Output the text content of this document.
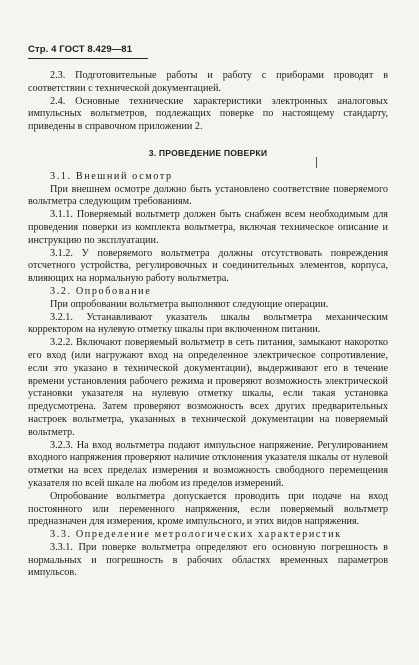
Стр. 4 ГОСТ 8.429—81

2.3. Подготовительные работы и работу с приборами проводят в соответствии с технической документацией.

2.4. Основные технические характеристики электронных аналоговых импульсных вольтметров, подлежащих поверке по настоящему стандарту, приведены в справочном приложении 2.

3. ПРОВЕДЕНИЕ ПОВЕРКИ

3.1. Внешний осмотр

При внешнем осмотре должно быть установлено соответствие поверяемого вольтметра следующим требованиям.

3.1.1. Поверяемый вольтметр должен быть снабжен всем необходимым для проведения поверки из комплекта вольтметра, включая техническое описание и инструкцию по эксплуатации.

3.1.2. У поверяемого вольтметра должны отсутствовать повреждения отсчетного устройства, регулировочных и соединительных элементов, корпуса, влияющих на нормальную работу вольтметра.

3.2. Опробование

При опробовании вольтметра выполняют следующие операции.

3.2.1. Устанавливают указатель шкалы вольтметра механическим корректором на нулевую отметку шкалы при включенном питании.

3.2.2. Включают поверяемый вольтметр в сеть питания, замыкают накоротко его вход (или нагружают вход на определенное электрическое сопротивление, если это указано в технической документации), выдерживают его в течение времени установления рабочего режима и проверяют возможность электрической установки указателя на нулевую отметку шкалы, если такая установка предусмотрена. Затем проверяют возможность всех других предварительных настроек вольтметра, указанных в технической документации на поверяемый вольтметр.

3.2.3. На вход вольтметра подают импульсное напряжение. Регулированием входного напряжения проверяют наличие отклонения указателя шкалы от нулевой отметки на всех пределах измерения и возможность свободного перемещения указателя по всей шкале на любом из пределов измерений.

Опробование вольтметра допускается проводить при подаче на вход постоянного или переменного напряжения, если поверяемый вольтметр предназначен для измерения, кроме импульсного, и этих видов напряжения.

3.3. Определение метрологических характеристик

3.3.1. При поверке вольтметра определяют его основную погрешность в нормальных и погрешность в рабочих областях временных параметров импульсов.
